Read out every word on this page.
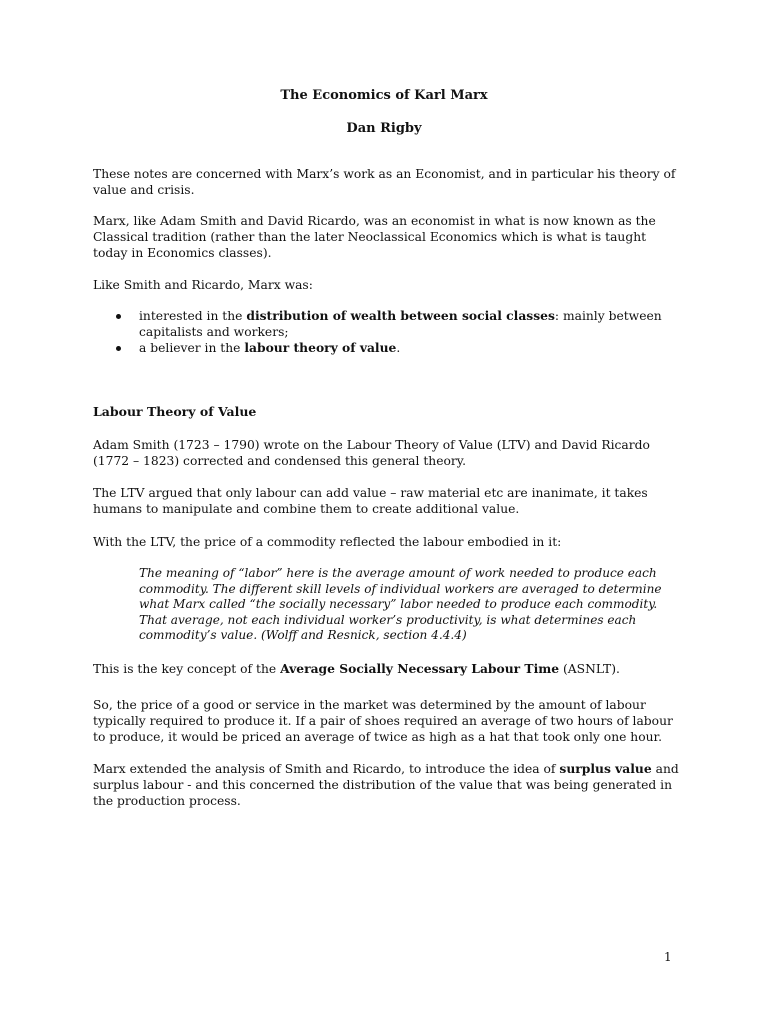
The Economics of Karl Marx
Dan Rigby

These notes are concerned with Marx’s work as an Economist, and in particular his theory of value and crisis.

Marx, like Adam Smith and David Ricardo, was an economist in what is now known as the Classical tradition (rather than the later Neoclassical Economics which is what is taught today in Economics classes).

Like Smith and Ricardo, Marx was:

interested in the distribution of wealth between social classes: mainly between capitalists and workers;
a believer in the labour theory of value.
Labour Theory of Value

Adam Smith (1723 – 1790) wrote on the Labour Theory of Value (LTV) and David Ricardo (1772 – 1823) corrected and condensed this general theory.

The LTV argued that only labour can add value – raw material etc are inanimate, it takes humans to manipulate and combine them to create additional value.

With the LTV, the price of a commodity reflected the labour embodied in it:

The meaning of “labor” here is the average amount of work needed to produce each commodity. The different skill levels of individual workers are averaged to determine what Marx called “the socially necessary” labor needed to produce each commodity. That average, not each individual worker’s productivity, is what determines each commodity’s value. (Wolff and Resnick, section 4.4.4)

This is the key concept of the Average Socially Necessary Labour Time (ASNLT).

So, the price of a good or service in the market was determined by the amount of labour typically required to produce it. If a pair of shoes required an average of two hours of labour to produce, it would be priced an average of twice as high as a hat that took only one hour.

Marx extended the analysis of Smith and Ricardo, to introduce the idea of surplus value and surplus labour - and this concerned the distribution of the value that was being generated in the production process.

1
